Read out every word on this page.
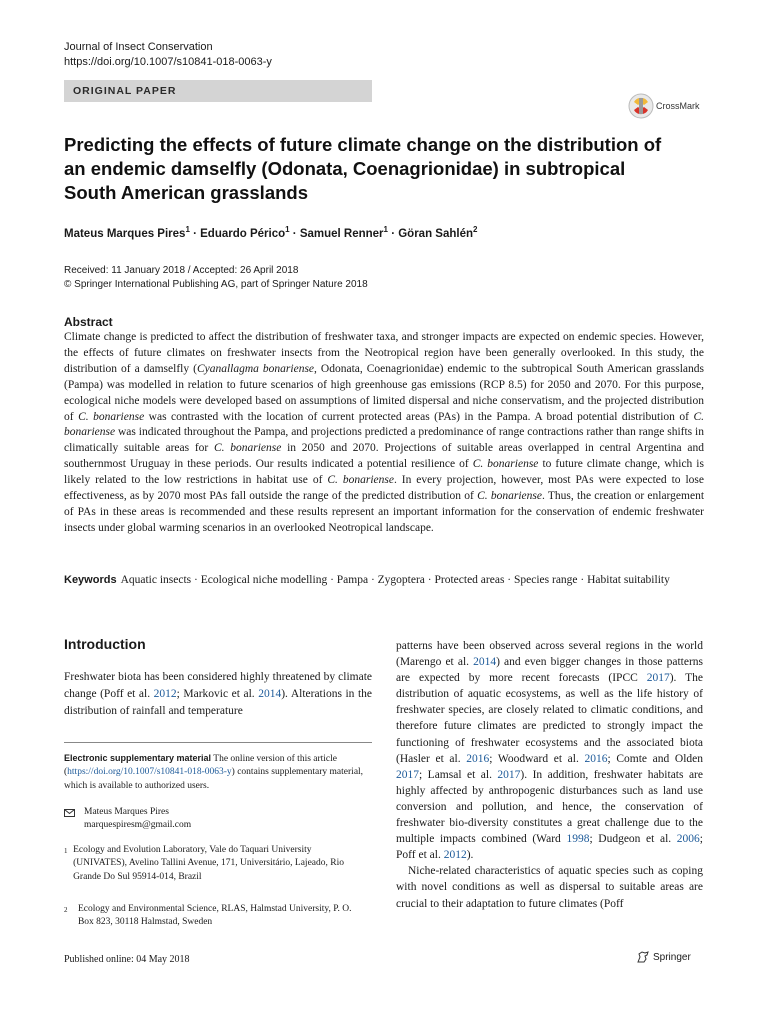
Journal of Insect Conservation
https://doi.org/10.1007/s10841-018-0063-y
ORIGINAL PAPER
CrossMark
Predicting the effects of future climate change on the distribution of an endemic damselfly (Odonata, Coenagrionidae) in subtropical South American grasslands
Mateus Marques Pires$^1$ · Eduardo Périco$^1$ · Samuel Renner$^1$ · Göran Sahlén$^2$
Received: 11 January 2018 / Accepted: 26 April 2018
© Springer International Publishing AG, part of Springer Nature 2018
Abstract
Climate change is predicted to affect the distribution of freshwater taxa, and stronger impacts are expected on endemic species. However, the effects of future climates on freshwater insects from the Neotropical region have been generally overlooked. In this study, the distribution of a damselfly (Cyanallagma bonariense, Odonata, Coenagrionidae) endemic to the subtropical South American grasslands (Pampa) was modelled in relation to future scenarios of high greenhouse gas emissions (RCP 8.5) for 2050 and 2070. For this purpose, ecological niche models were developed based on assumptions of limited dispersal and niche conservatism, and the projected distribution of C. bonariense was contrasted with the location of current protected areas (PAs) in the Pampa. A broad potential distribution of C. bonariense was indicated throughout the Pampa, and projections predicted a predominance of range contractions rather than range shifts in climatically suitable areas for C. bonariense in 2050 and 2070. Projections of suitable areas overlapped in central Argentina and southernmost Uruguay in these periods. Our results indicated a potential resilience of C. bonariense to future climate change, which is likely related to the low restrictions in habitat use of C. bonariense. In every projection, however, most PAs were expected to lose effectiveness, as by 2070 most PAs fall outside the range of the predicted distribution of C. bonariense. Thus, the creation or enlargement of PAs in these areas is recommended and these results represent an important information for the conservation of endemic freshwater insects under global warming scenarios in an overlooked Neotropical landscape.
Keywords Aquatic insects · Ecological niche modelling · Pampa · Zygoptera · Protected areas · Species range · Habitat suitability
Introduction
Freshwater biota has been considered highly threatened by climate change (Poff et al. 2012; Markovic et al. 2014). Alterations in the distribution of rainfall and temperature

patterns have been observed across several regions in the world (Marengo et al. 2014) and even bigger changes in those patterns are expected by more recent forecasts (IPCC 2017). The distribution of aquatic ecosystems, as well as the life history of freshwater species, are closely related to climatic conditions, and therefore future climates are predicted to strongly impact the functioning of freshwater ecosystems and the associated biota (Hasler et al. 2016; Woodward et al. 2016; Comte and Olden 2017; Lamsal et al. 2017). In addition, freshwater habitats are highly affected by anthropogenic disturbances such as land use conversion and pollution, and hence, the conservation of freshwater bio-diversity constitutes a great challenge due to the multiple impacts combined (Ward 1998; Dudgeon et al. 2006; Poff et al. 2012).

Niche-related characteristics of aquatic species such as coping with novel conditions as well as dispersal to suitable areas are crucial to their adaptation to future climates (Poff

Electronic supplementary material The online version of this article (https://doi.org/10.1007/s10841-018-0063-y) contains supplementary material, which is available to authorized users.
Mateus Marques Pires
marquespiresm@gmail.com
1 Ecology and Evolution Laboratory, Vale do Taquari University (UNIVATES), Avelino Tallini Avenue, 171, Universitário, Lajeado, Rio Grande Do Sul 95914-014, Brazil
2	Ecology and Environmental Science, RLAS, Halmstad University, P. O. Box 823, 30118 Halmstad, Sweden
Published online: 04 May 2018	Springer
